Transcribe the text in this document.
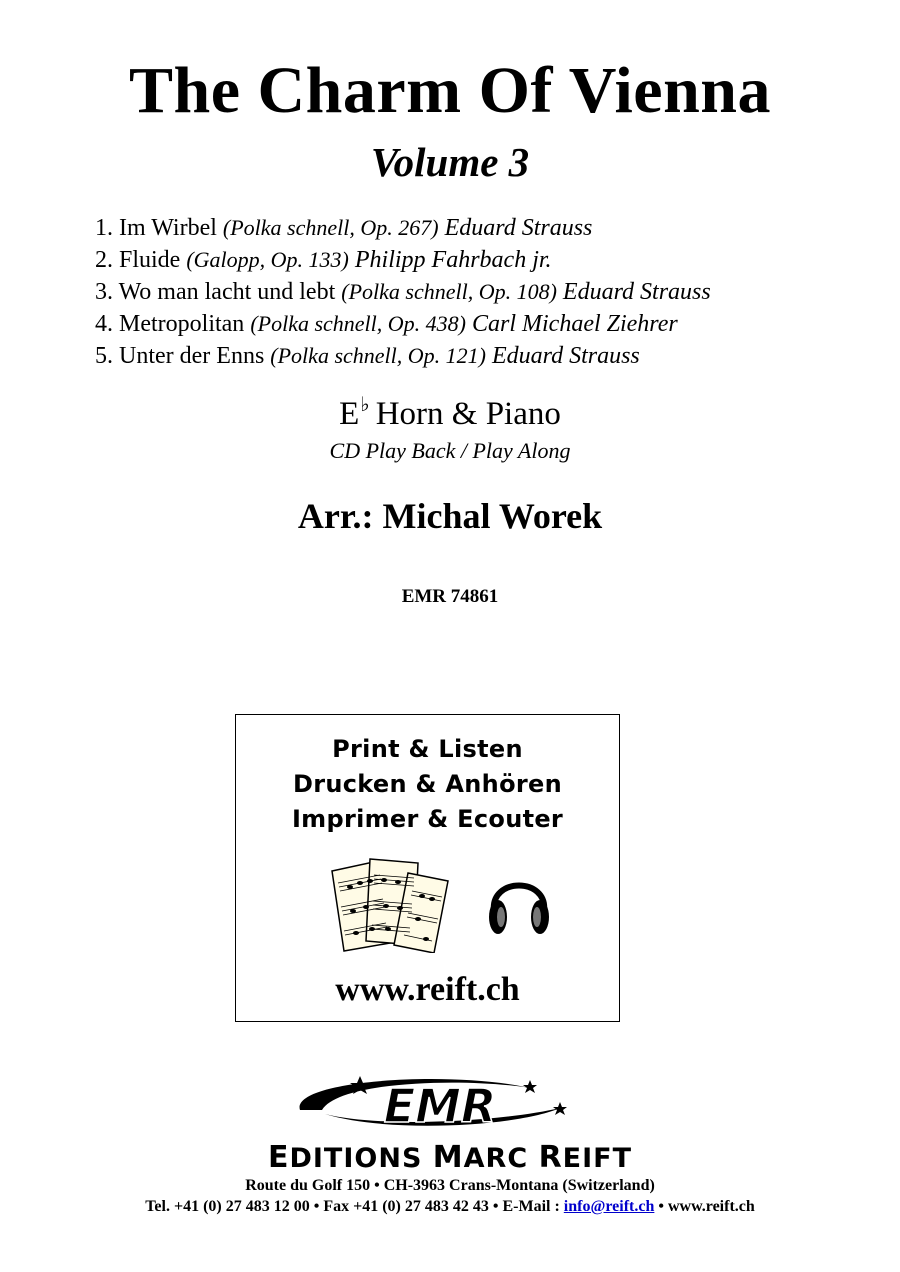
The Charm Of Vienna
Volume 3
1. Im Wirbel (Polka schnell, Op. 267) Eduard Strauss
2. Fluide (Galopp, Op. 133) Philipp Fahrbach jr.
3. Wo man lacht und lebt (Polka schnell, Op. 108) Eduard Strauss
4. Metropolitan (Polka schnell, Op. 438) Carl Michael Ziehrer
5. Unter der Enns (Polka schnell, Op. 121) Eduard Strauss
E♭ Horn & Piano
CD Play Back / Play Along
Arr.: Michal Worek
EMR 74861
Print & Listen
Drucken & Anhören
Imprimer & Ecouter
www.reift.ch
EMR
EDITIONS MARC REIFT
Route du Golf 150 • CH-3963 Crans-Montana (Switzerland)
Tel. +41 (0) 27 483 12 00 • Fax +41 (0) 27 483 42 43 • E-Mail : info@reift.ch • www.reift.ch
